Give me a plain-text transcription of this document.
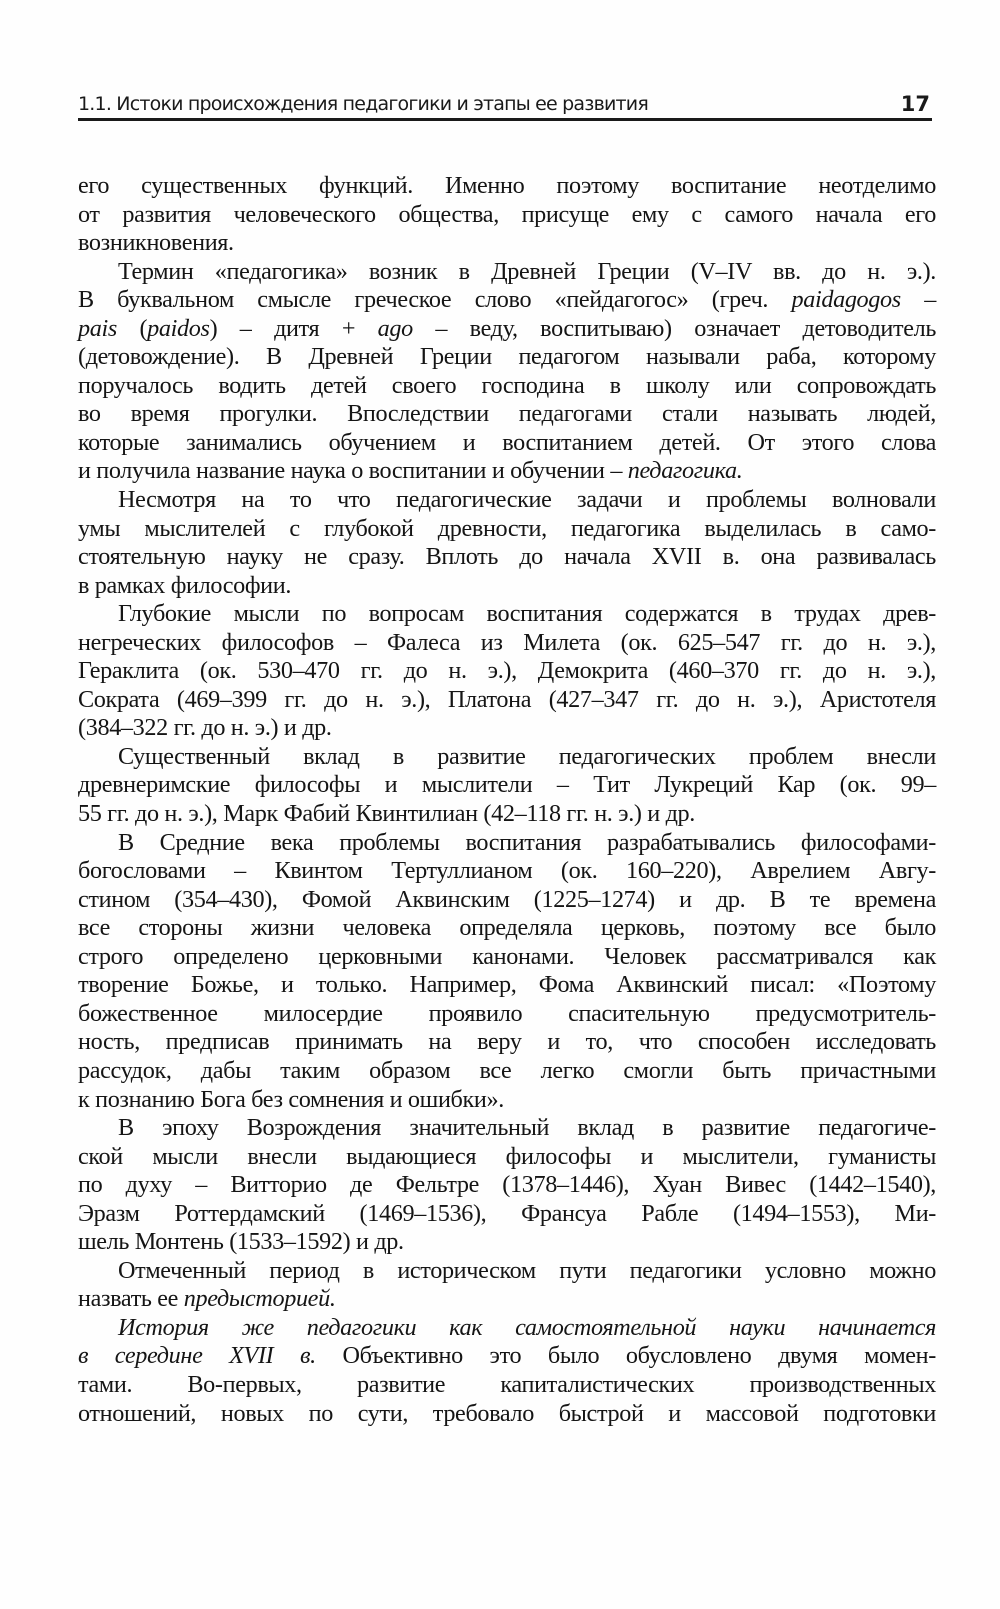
1.1. Истоки происхождения педагогики и этапы ее развития	17
его существенных функций. Именно поэтому воспитание неотделимо
от развития человеческого общества, присуще ему с самого начала его
возникновения.
Термин «педагогика» возник в Древней Греции (V–IV вв. до н. э.).
В буквальном смысле греческое слово «пейдагогос» (греч. paidagogos –
pais (paidos) – дитя + ago – веду, воспитываю) означает детоводитель
(детовождение). В Древней Греции педагогом называли раба, которому
поручалось водить детей своего господина в школу или сопровождать
во время прогулки. Впоследствии педагогами стали называть людей,
которые занимались обучением и воспитанием детей. От этого слова
и получила название наука о воспитании и обучении – педагогика.
Несмотря на то что педагогические задачи и проблемы волновали
умы мыслителей с глубокой древности, педагогика выделилась в само-
стоятельную науку не сразу. Вплоть до начала XVII в. она развивалась
в рамках философии.
Глубокие мысли по вопросам воспитания содержатся в трудах древ-
негреческих философов – Фалеса из Милета (ок. 625–547 гг. до н. э.),
Гераклита (ок. 530–470 гг. до н. э.), Демокрита (460–370 гг. до н. э.),
Сократа (469–399 гг. до н. э.), Платона (427–347 гг. до н. э.), Аристотеля
(384–322 гг. до н. э.) и др.
Существенный вклад в развитие педагогических проблем внесли
древнеримские философы и мыслители – Тит Лукреций Кар (ок. 99–
55 гг. до н. э.), Марк Фабий Квинтилиан (42–118 гг. н. э.) и др.
В Средние века проблемы воспитания разрабатывались философами-
богословами – Квинтом Тертуллианом (ок. 160–220), Аврелием Авгу-
стином (354–430), Фомой Аквинским (1225–1274) и др. В те времена
все стороны жизни человека определяла церковь, поэтому все было
строго определено церковными канонами. Человек рассматривался как
творение Божье, и только. Например, Фома Аквинский писал: «Поэтому
божественное милосердие проявило спасительную предусмотритель-
ность, предписав принимать на веру и то, что способен исследовать
рассудок, дабы таким образом все легко смогли быть причастными
к познанию Бога без сомнения и ошибки».
В эпоху Возрождения значительный вклад в развитие педагогиче-
ской мысли внесли выдающиеся философы и мыслители, гуманисты
по духу – Витторио де Фельтре (1378–1446), Хуан Вивес (1442–1540),
Эразм Роттердамский (1469–1536), Франсуа Рабле (1494–1553), Ми-
шель Монтень (1533–1592) и др.
Отмеченный период в историческом пути педагогики условно можно
назвать ее предысторией.
История же педагогики как самостоятельной науки начинается
в середине XVII в. Объективно это было обусловлено двумя момен-
тами. Во-первых, развитие капиталистических производственных
отношений, новых по сути, требовало быстрой и массовой подготовки
